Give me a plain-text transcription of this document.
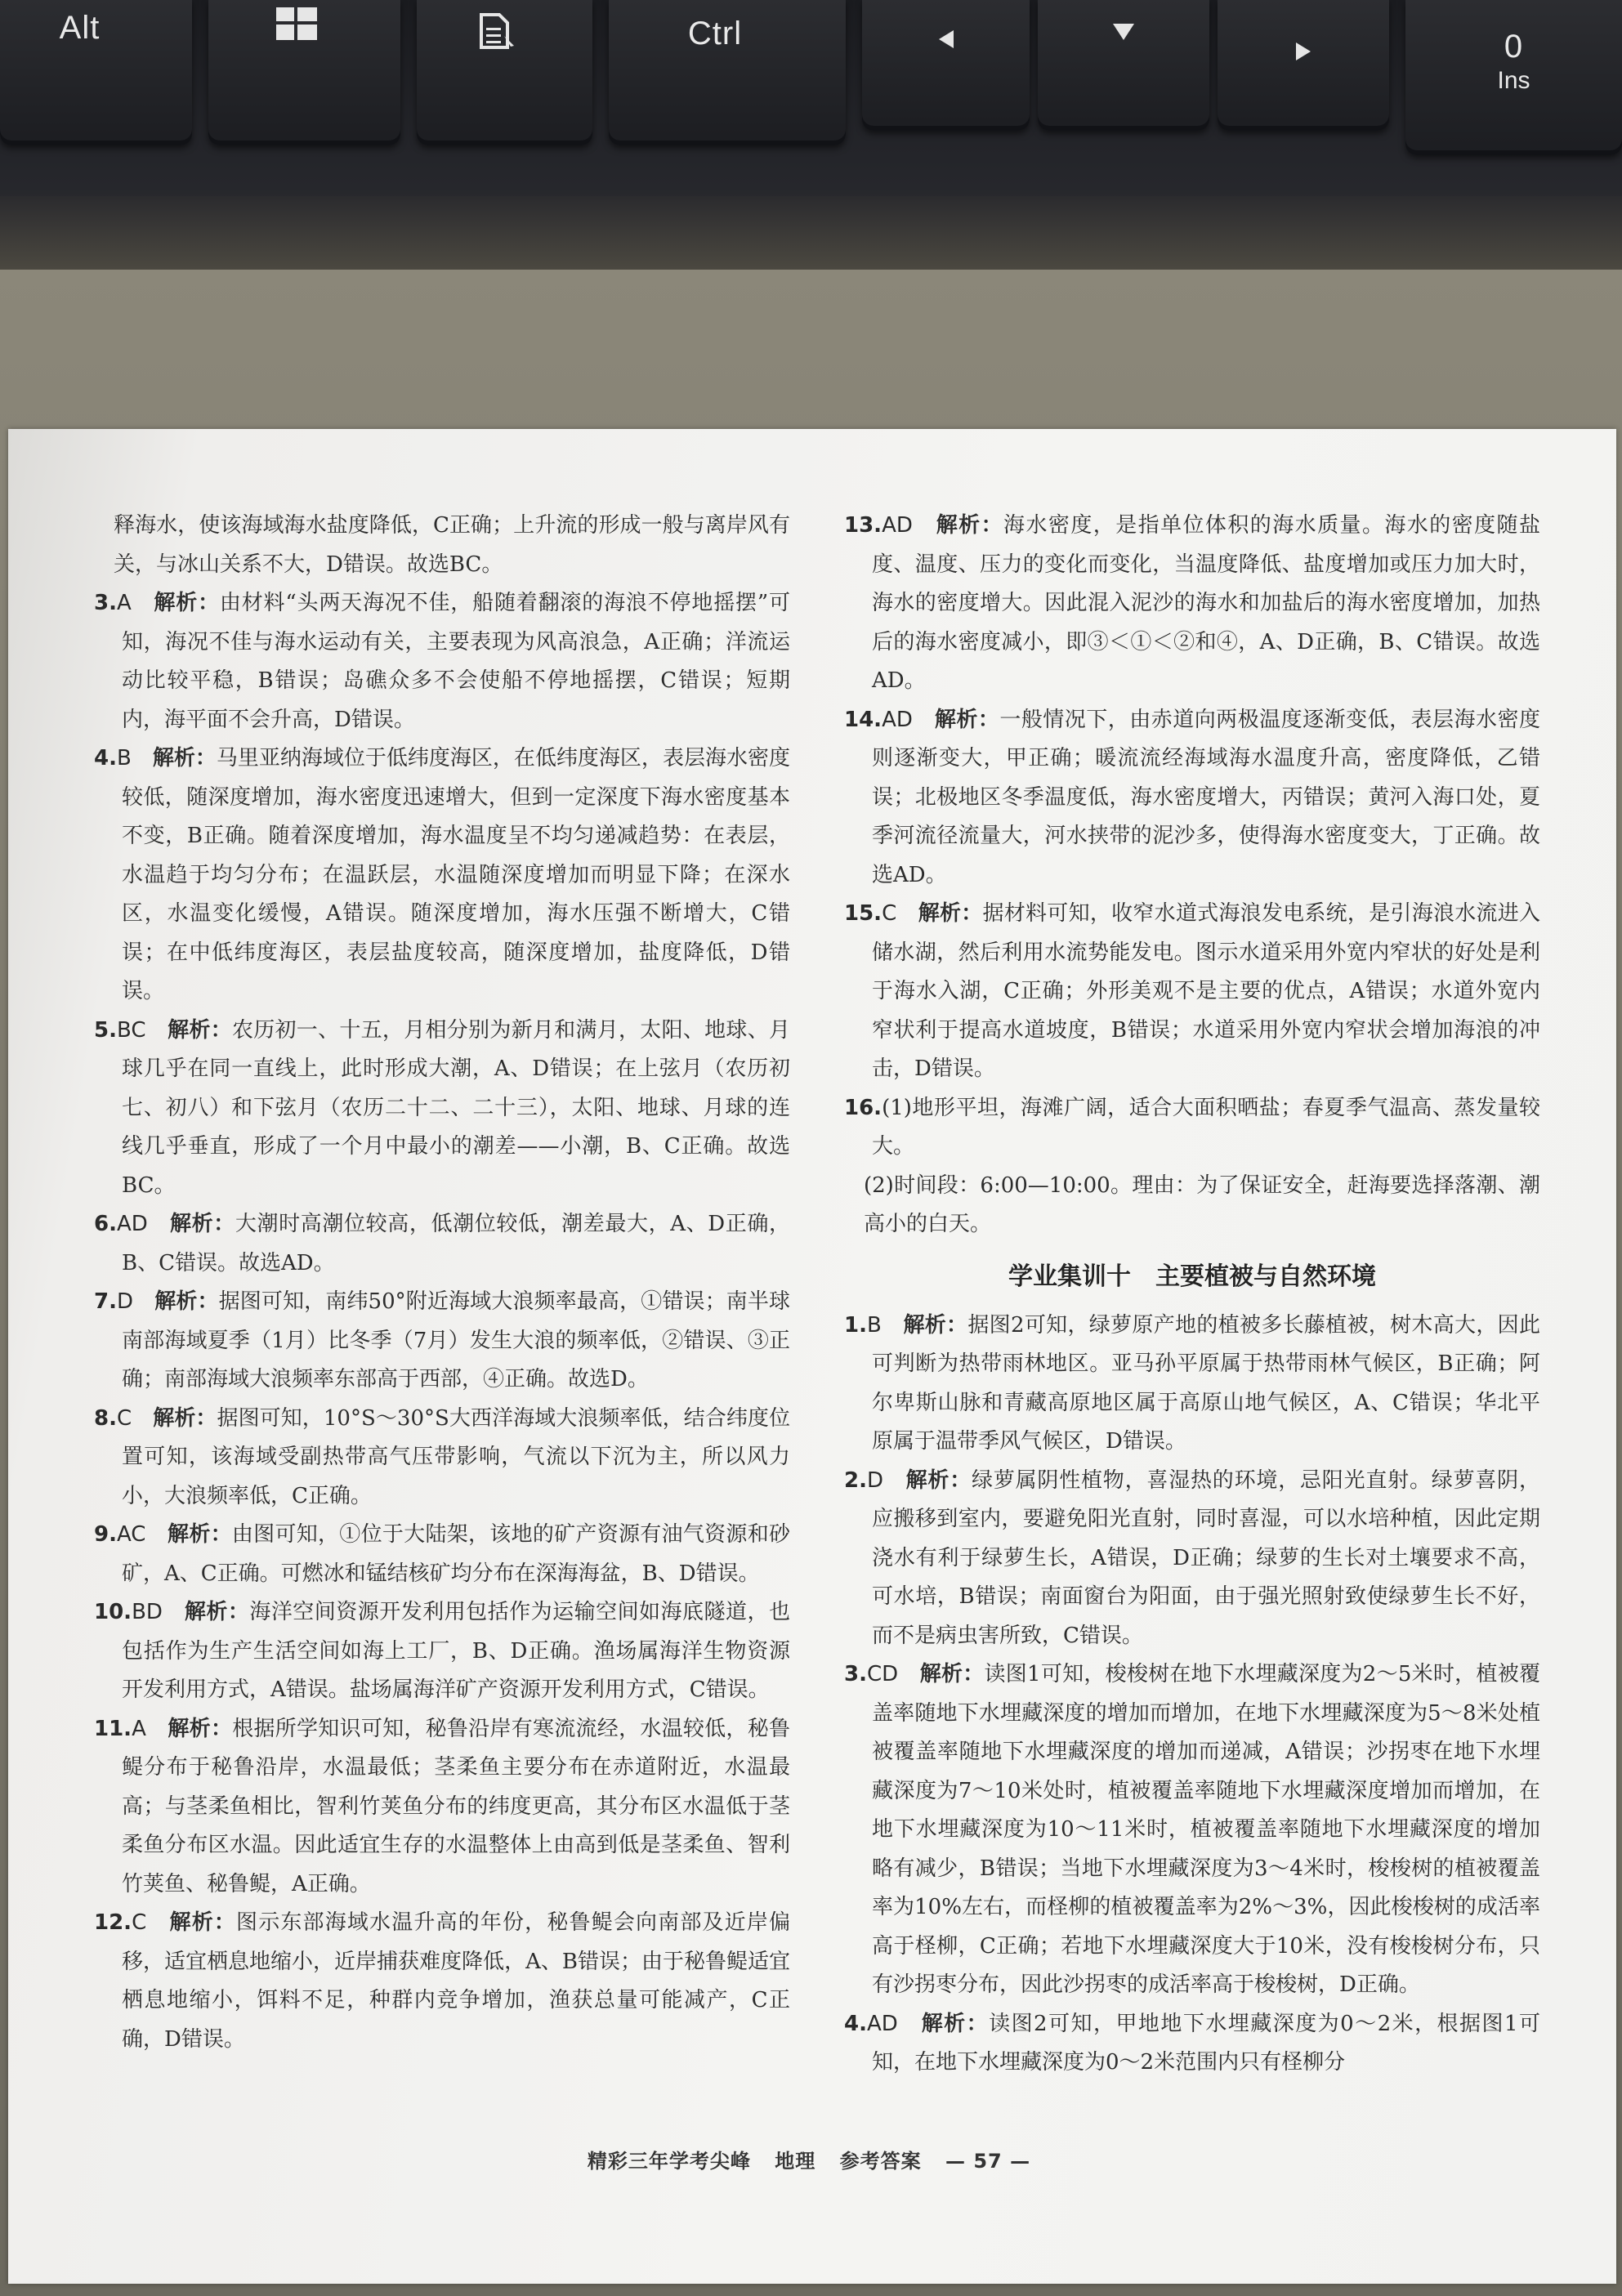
Alt	Ctrl	0
Ins
释海水，使该海域海水盐度降低，C正确；上升流的形成一般与离岸风有关，与冰山关系不大，D错误。故选BC。
3.A　 解析：由材料“头两天海况不佳，船随着翻滚的海浪不停地摇摆”可知，海况不佳与海水运动有关，主要表现为风高浪急，A正确；洋流运动比较平稳，B错误；岛礁众多不会使船不停地摇摆，C错误；短期内，海平面不会升高，D错误。
4.B　 解析：马里亚纳海域位于低纬度海区，在低纬度海区，表层海水密度较低，随深度增加，海水密度迅速增大，但到一定深度下海水密度基本不变，B正确。随着深度增加，海水温度呈不均匀递减趋势：在表层，水温趋于均匀分布；在温跃层，水温随深度增加而明显下降；在深水区，水温变化缓慢，A错误。随深度增加，海水压强不断增大，C错误；在中低纬度海区，表层盐度较高，随深度增加，盐度降低，D错误。
5.BC　 解析：农历初一、十五，月相分别为新月和满月，太阳、地球、月球几乎在同一直线上，此时形成大潮，A、D错误；在上弦月（农历初七、初八）和下弦月（农历二十二、二十三），太阳、地球、月球的连线几乎垂直，形成了一个月中最小的潮差——小潮，B、C正确。故选BC。
6.AD　 解析：大潮时高潮位较高，低潮位较低，潮差最大，A、D正确，B、C错误。故选AD。
7.D　 解析：据图可知，南纬50°附近海域大浪频率最高，①错误；南半球南部海域夏季（1月）比冬季（7月）发生大浪的频率低，②错误、③正确；南部海域大浪频率东部高于西部，④正确。故选D。
8.C　 解析：据图可知，10°S～30°S大西洋海域大浪频率低，结合纬度位置可知，该海域受副热带高气压带影响，气流以下沉为主，所以风力小，大浪频率低，C正确。
9.AC　 解析：由图可知，①位于大陆架，该地的矿产资源有油气资源和砂矿，A、C正确。可燃冰和锰结核矿均分布在深海海盆，B、D错误。
10.BD　 解析：海洋空间资源开发利用包括作为运输空间如海底隧道，也包括作为生产生活空间如海上工厂，B、D正确。渔场属海洋生物资源开发利用方式，A错误。盐场属海洋矿产资源开发利用方式，C错误。
11.A　 解析：根据所学知识可知，秘鲁沿岸有寒流流经，水温较低，秘鲁鳀分布于秘鲁沿岸，水温最低；茎柔鱼主要分布在赤道附近，水温最高；与茎柔鱼相比，智利竹荚鱼分布的纬度更高，其分布区水温低于茎柔鱼分布区水温。因此适宜生存的水温整体上由高到低是茎柔鱼、智利竹荚鱼、秘鲁鳀，A正确。
12.C　 解析：图示东部海域水温升高的年份，秘鲁鳀会向南部及近岸偏移，适宜栖息地缩小，近岸捕获难度降低，A、B错误；由于秘鲁鳀适宜栖息地缩小，饵料不足，种群内竞争增加，渔获总量可能减产，C正确，D错误。
13.AD　 解析：海水密度，是指单位体积的海水质量。海水的密度随盐度、温度、压力的变化而变化，当温度降低、盐度增加或压力加大时，海水的密度增大。因此混入泥沙的海水和加盐后的海水密度增加，加热后的海水密度减小，即③＜①＜②和④，A、D正确，B、C错误。故选AD。
14.AD　 解析：一般情况下，由赤道向两极温度逐渐变低，表层海水密度则逐渐变大，甲正确；暖流流经海域海水温度升高，密度降低，乙错误；北极地区冬季温度低，海水密度增大，丙错误；黄河入海口处，夏季河流径流量大，河水挟带的泥沙多，使得海水密度变大，丁正确。故选AD。
15.C　 解析：据材料可知，收窄水道式海浪发电系统，是引海浪水流进入储水湖，然后利用水流势能发电。图示水道采用外宽内窄状的好处是利于海水入湖，C正确；外形美观不是主要的优点，A错误；水道外宽内窄状利于提高水道坡度，B错误；水道采用外宽内窄状会增加海浪的冲击，D错误。
16.(1)地形平坦，海滩广阔，适合大面积晒盐；春夏季气温高、蒸发量较大。
(2)时间段：6:00—10:00。理由：为了保证安全，赶海要选择落潮、潮高小的白天。
学业集训十　主要植被与自然环境
1.B　 解析：据图2可知，绿萝原产地的植被多长藤植被，树木高大，因此可判断为热带雨林地区。亚马孙平原属于热带雨林气候区，B正确；阿尔卑斯山脉和青藏高原地区属于高原山地气候区，A、C错误；华北平原属于温带季风气候区，D错误。
2.D　 解析：绿萝属阴性植物，喜湿热的环境，忌阳光直射。绿萝喜阴，应搬移到室内，要避免阳光直射，同时喜湿，可以水培种植，因此定期浇水有利于绿萝生长，A错误，D正确；绿萝的生长对土壤要求不高，可水培，B错误；南面窗台为阳面，由于强光照射致使绿萝生长不好，而不是病虫害所致，C错误。
3.CD　 解析：读图1可知，梭梭树在地下水埋藏深度为2～5米时，植被覆盖率随地下水埋藏深度的增加而增加，在地下水埋藏深度为5～8米处植被覆盖率随地下水埋藏深度的增加而递减，A错误；沙拐枣在地下水埋藏深度为7～10米处时，植被覆盖率随地下水埋藏深度增加而增加，在地下水埋藏深度为10～11米时，植被覆盖率随地下水埋藏深度的增加略有减少，B错误；当地下水埋藏深度为3～4米时，梭梭树的植被覆盖率为10%左右，而柽柳的植被覆盖率为2%～3%，因此梭梭树的成活率高于柽柳，C正确；若地下水埋藏深度大于10米，没有梭梭树分布，只有沙拐枣分布，因此沙拐枣的成活率高于梭梭树，D正确。
4.AD　 解析：读图2可知，甲地地下水埋藏深度为0～2米，根据图1可知，在地下水埋藏深度为0～2米范围内只有柽柳分
精彩三年学考尖峰 地理 参考答案 — 57 —
